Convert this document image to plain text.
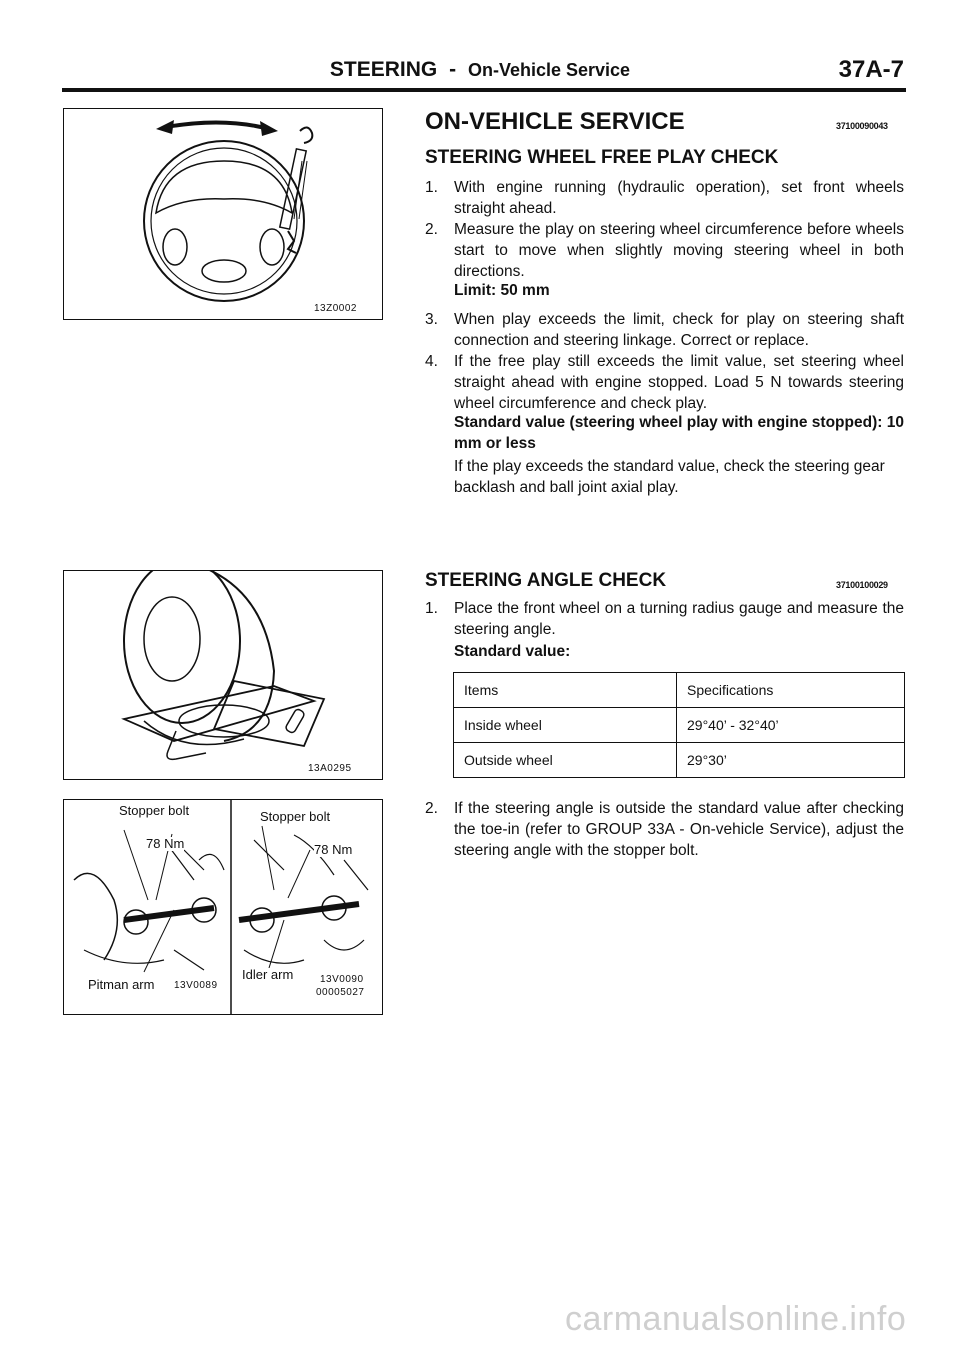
STEERING - On-Vehicle Service	37A-7
13Z0002
13A0295
Stopper bolt
78 Nm
Pitman arm 13V0089
Stopper bolt
78 Nm
Idler arm	13V0090
00005027
ON-VEHICLE SERVICE	37100090043
STEERING WHEEL FREE PLAY CHECK
1. With engine running (hydraulic operation), set front wheels straight ahead.
2. Measure the play on steering wheel circumference before wheels start to move when slightly moving steering wheel in both directions.
Limit: 50 mm
3. When play exceeds the limit, check for play on steering shaft connection and steering linkage. Correct or replace.
4. If the free play still exceeds the limit value, set steering wheel straight ahead with engine stopped. Load 5 N towards steering wheel circumference and check play.
Standard value (steering wheel play with engine stopped): 10 mm or less
If the play exceeds the standard value, check the steering gear backlash and ball joint axial play.
STEERING ANGLE CHECK	37100100029
1. Place the front wheel on a turning radius gauge and measure the steering angle.
Standard value:
Items	Specifications
Inside wheel	29°40’ - 32°40’
Outside wheel	29°30’
2. If the steering angle is outside the standard value after checking the toe-in (refer to GROUP 33A - On-vehicle Service), adjust the steering angle with the stopper bolt.
carmanualsonline.info
